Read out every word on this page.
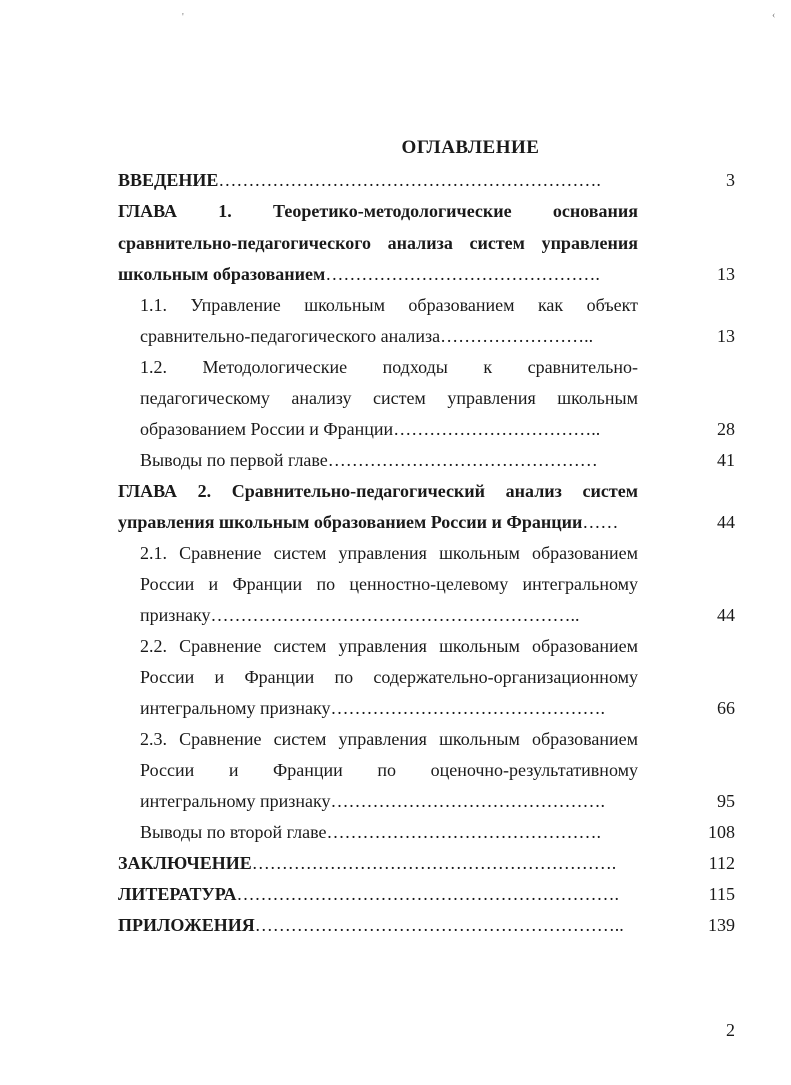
'	‹
ОГЛАВЛЕНИЕ
ВВЕДЕНИЕ……………………………………………………….	3
ГЛАВА 1. Теоретико-методологические основания
сравнительно-педагогического анализа систем управления
школьным образованием……………………………………….	13
1.1. Управление школьным образованием как объект
сравнительно-педагогического анализа……………………..	13
1.2. Методологические подходы к сравнительно-
педагогическому анализу систем управления школьным
образованием России и Франции……………………………..	28
Выводы по первой главе………………………………………	41
ГЛАВА 2. Сравнительно-педагогический анализ систем
управления школьным образованием России и Франции……	44
2.1. Сравнение систем управления школьным образованием
России и Франции по ценностно-целевому интегральному
признаку……………………………………………………..	44
2.2. Сравнение систем управления школьным образованием
России и Франции по содержательно-организационному
интегральному признаку……………………………………….	66
2.3. Сравнение систем управления школьным образованием
России и Франции по оценочно-результативному
интегральному признаку……………………………………….	95
Выводы по второй главе……………………………………….	108
ЗАКЛЮЧЕНИЕ…………………………………………………….	112
ЛИТЕРАТУРА……………………………………………………….	115
ПРИЛОЖЕНИЯ……………………………………………………..	139
2
